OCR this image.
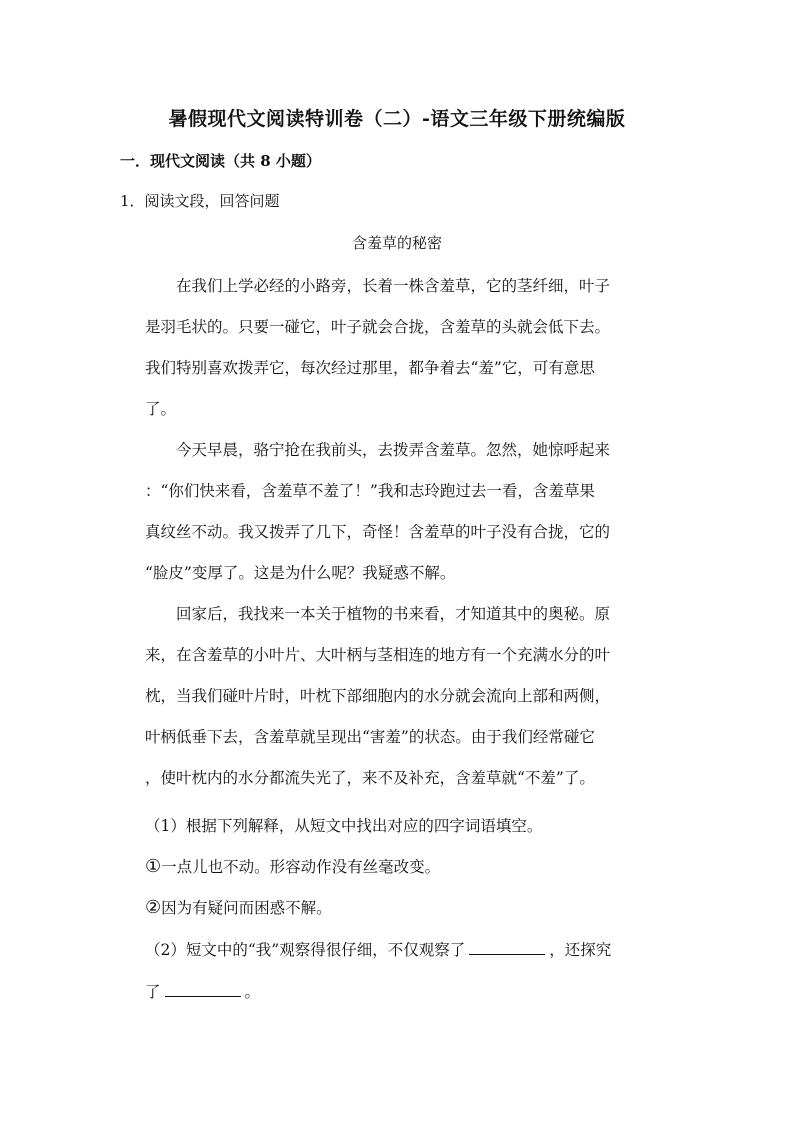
暑假现代文阅读特训卷（二）-语文三年级下册统编版
一．现代文阅读（共 8 小题）
1．阅读文段，回答问题
含羞草的秘密
在我们上学必经的小路旁，长着一株含羞草，它的茎纤细，叶子
是羽毛状的。只要一碰它，叶子就会合拢，含羞草的头就会低下去。
我们特别喜欢拨弄它，每次经过那里，都争着去“羞”它，可有意思
了。
今天早晨，骆宁抢在我前头，去拨弄含羞草。忽然，她惊呼起来
：“你们快来看，含羞草不羞了！”我和志玲跑过去一看，含羞草果
真纹丝不动。我又拨弄了几下，奇怪！含羞草的叶子没有合拢，它的
“脸皮”变厚了。这是为什么呢？我疑惑不解。
回家后，我找来一本关于植物的书来看，才知道其中的奥秘。原
来，在含羞草的小叶片、大叶柄与茎相连的地方有一个充满水分的叶
枕，当我们碰叶片时，叶枕下部细胞内的水分就会流向上部和两侧，
叶柄低垂下去，含羞草就呈现出“害羞”的状态。由于我们经常碰它
，使叶枕内的水分都流失光了，来不及补充，含羞草就“不羞”了。
（1）根据下列解释，从短文中找出对应的四字词语填空。
①一点儿也不动。形容动作没有丝毫改变。
②因为有疑问而困惑不解。
（2）短文中的“我”观察得很仔细，不仅观察了	，还探究
了	。
